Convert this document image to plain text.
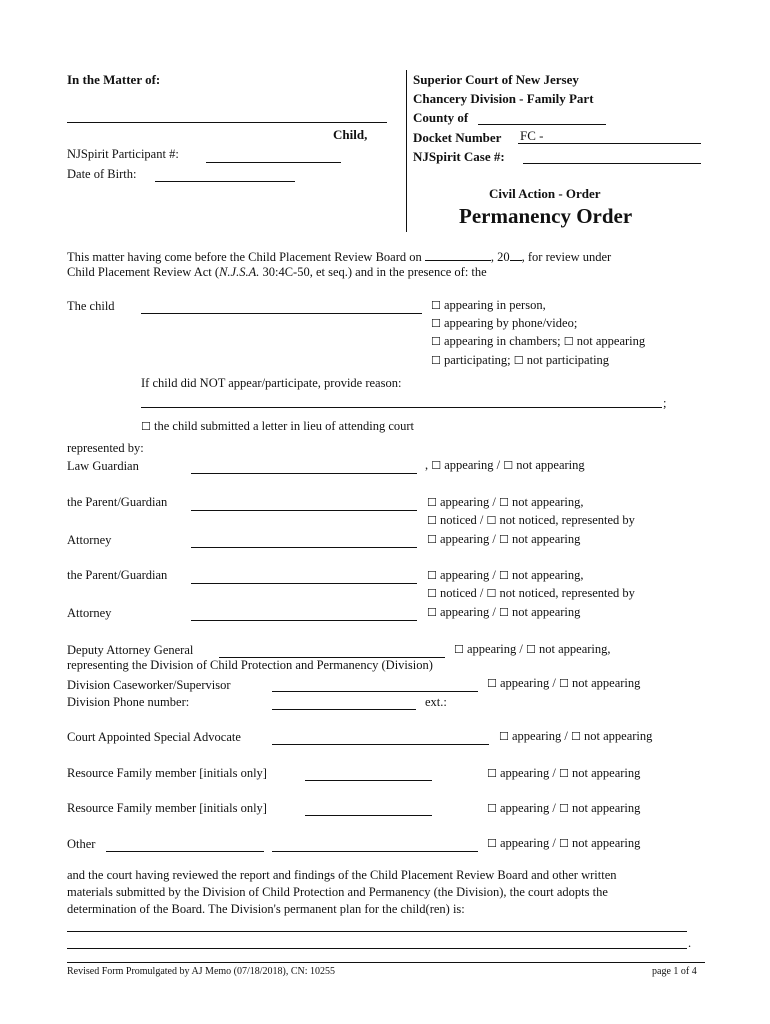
In the Matter of:
Child,
NJSpirit Participant #:
Date of Birth:
Superior Court of New Jersey
Chancery Division - Family Part
County of
Docket Number FC -
NJSpirit Case #:
Civil Action - Order
Permanency Order
This matter having come before the Child Placement Review Board on	, 20 , for review under
Child Placement Review Act (N.J.S.A. 30:4C-50, et seq.) and in the presence of: the
The child	☐ appearing in person,
☐ appearing by phone/video;
☐ appearing in chambers; ☐ not appearing
☐ participating; ☐ not participating
If child did NOT appear/participate, provide reason:
;
☐ the child submitted a letter in lieu of attending court
represented by:
Law Guardian	, ☐ appearing / ☐ not appearing
the Parent/Guardian	☐ appearing / ☐ not appearing,
☐ noticed / ☐ not noticed, represented by
Attorney	☐ appearing / ☐ not appearing
the Parent/Guardian	☐ appearing / ☐ not appearing,
☐ noticed / ☐ not noticed, represented by
Attorney	☐ appearing / ☐ not appearing
Deputy Attorney General	☐ appearing / ☐ not appearing,
representing the Division of Child Protection and Permanency (Division)
Division Caseworker/Supervisor	☐ appearing / ☐ not appearing
Division Phone number:	ext.:
Court Appointed Special Advocate	☐ appearing / ☐ not appearing
Resource Family member [initials only]	☐ appearing / ☐ not appearing
Resource Family member [initials only]	☐ appearing / ☐ not appearing
Other	☐ appearing / ☐ not appearing
and the court having reviewed the report and findings of the Child Placement Review Board and other written
materials submitted by the Division of Child Protection and Permanency (the Division), the court adopts the
determination of the Board. The Division's permanent plan for the child(ren) is:
.
Revised Form Promulgated by AJ Memo (07/18/2018), CN: 10255	page 1 of 4
